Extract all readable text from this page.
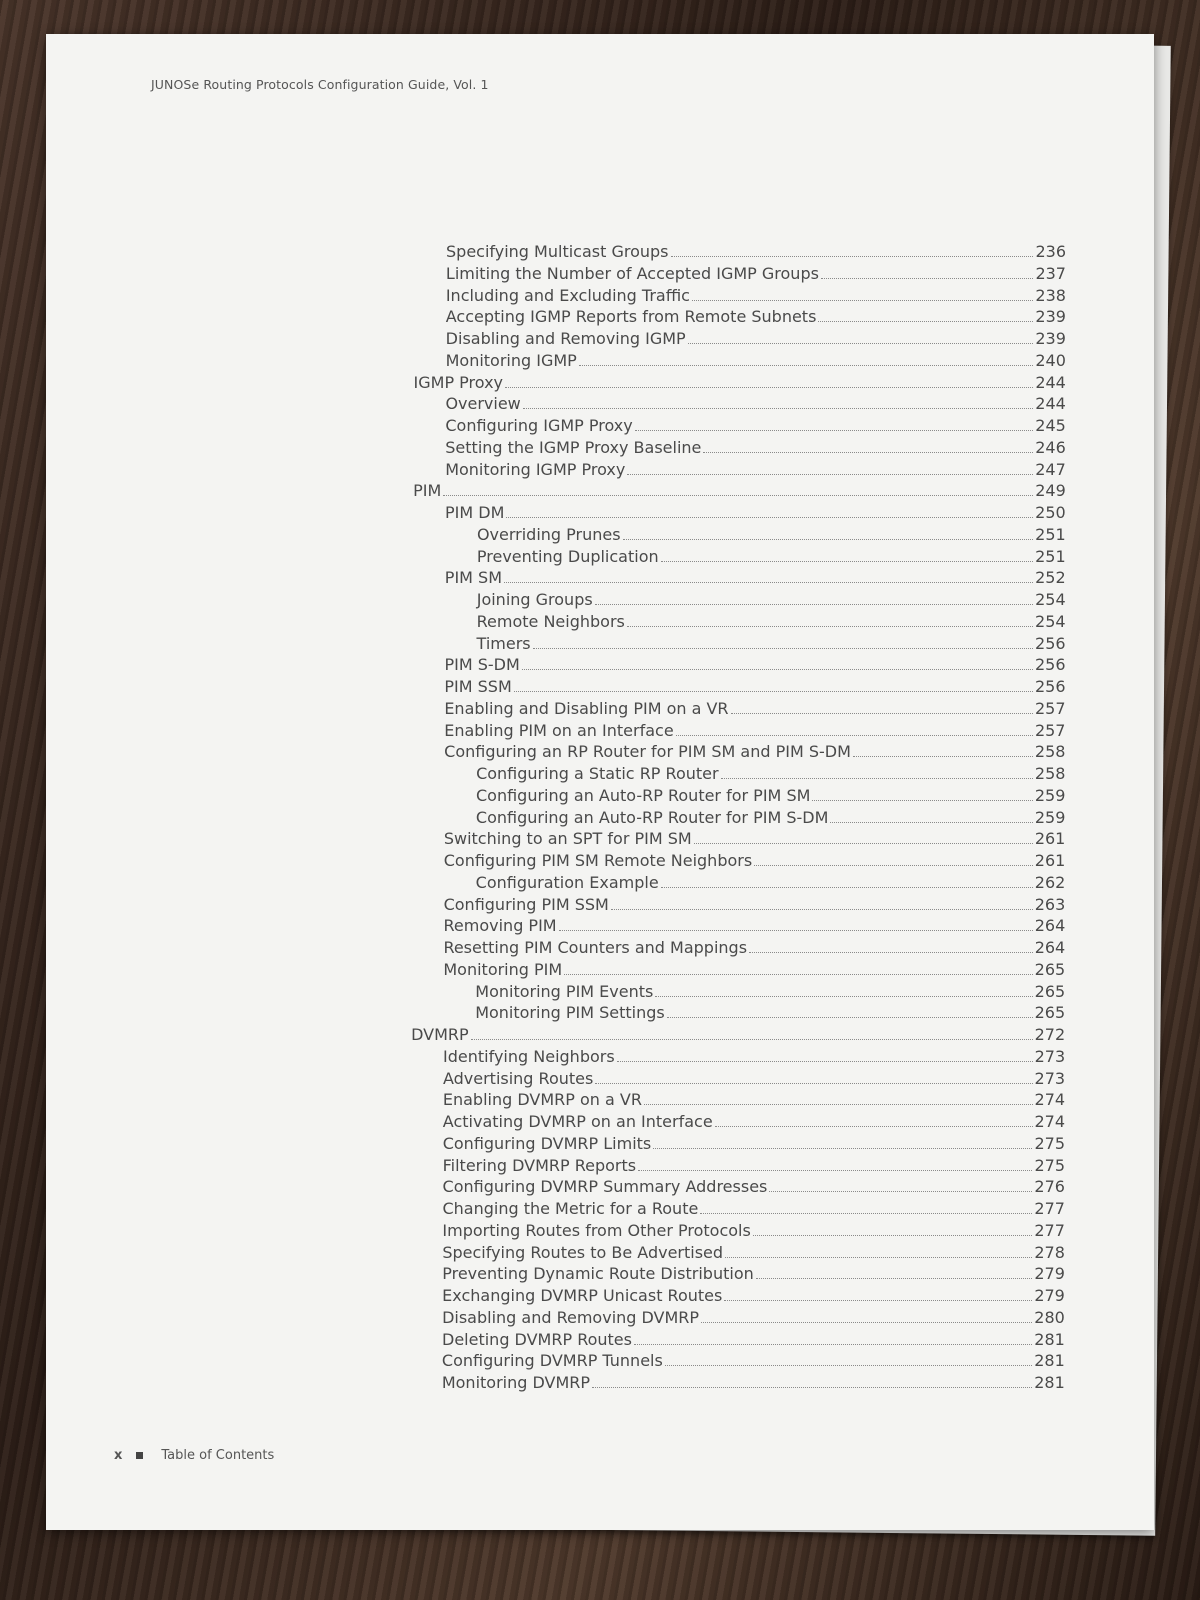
JUNOSe Routing Protocols Configuration Guide, Vol. 1
Specifying Multicast Groups	236
Limiting the Number of Accepted IGMP Groups	237
Including and Excluding Traffic	238
Accepting IGMP Reports from Remote Subnets	239
Disabling and Removing IGMP	239
Monitoring IGMP	240
IGMP Proxy	244
Overview	244
Configuring IGMP Proxy	245
Setting the IGMP Proxy Baseline	246
Monitoring IGMP Proxy	247
PIM	249
PIM DM	250
Overriding Prunes	251
Preventing Duplication	251
PIM SM	252
Joining Groups	254
Remote Neighbors	254
Timers	256
PIM S-DM	256
PIM SSM	256
Enabling and Disabling PIM on a VR	257
Enabling PIM on an Interface	257
Configuring an RP Router for PIM SM and PIM S-DM	258
Configuring a Static RP Router	258
Configuring an Auto-RP Router for PIM SM	259
Configuring an Auto-RP Router for PIM S-DM	259
Switching to an SPT for PIM SM	261
Configuring PIM SM Remote Neighbors	261
Configuration Example	262
Configuring PIM SSM	263
Removing PIM	264
Resetting PIM Counters and Mappings	264
Monitoring PIM	265
Monitoring PIM Events	265
Monitoring PIM Settings	265
DVMRP	272
Identifying Neighbors	273
Advertising Routes	273
Enabling DVMRP on a VR	274
Activating DVMRP on an Interface	274
Configuring DVMRP Limits	275
Filtering DVMRP Reports	275
Configuring DVMRP Summary Addresses	276
Changing the Metric for a Route	277
Importing Routes from Other Protocols	277
Specifying Routes to Be Advertised	278
Preventing Dynamic Route Distribution	279
Exchanging DVMRP Unicast Routes	279
Disabling and Removing DVMRP	280
Deleting DVMRP Routes	281
Configuring DVMRP Tunnels	281
Monitoring DVMRP	281
x	Table of Contents
